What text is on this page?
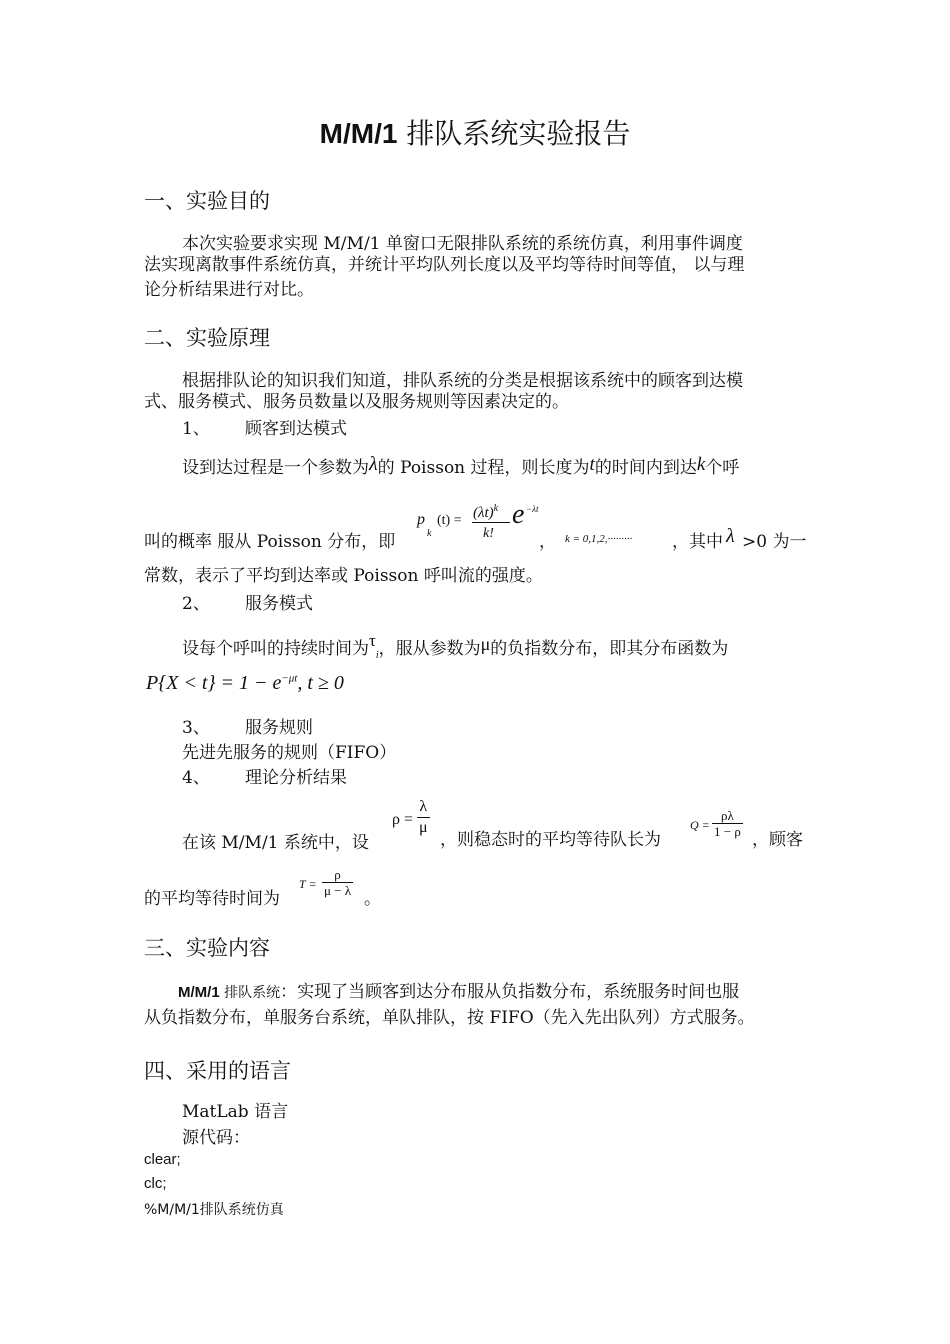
M/M/1 排队系统实验报告
一、实验目的
本次实验要求实现 M/M/1 单窗口无限排队系统的系统仿真，利用事件调度
法实现离散事件系统仿真，并统计平均队列长度以及平均等待时间等值， 以与理
论分析结果进行对比。
二、实验原理
根据排队论的知识我们知道，排队系统的分类是根据该系统中的顾客到达模
式、服务模式、服务员数量以及服务规则等因素决定的。
1、 顾客到达模式
设到达过程是一个参数为λ的 Poisson 过程，则长度为t的时间内到达k个呼
叫的概率 服从 Poisson 分布，即
p
k
$(t) = (\lambda t)^k$
k!
e −λt
， k = 0,1,2,········· ，其中 λ >0 为一
常数，表示了平均到达率或 Poisson 呼叫流的强度。
2、 服务模式
设每个呼叫的持续时间为$\tau_i$，服从参数为μ的负指数分布，即其分布函数为
$P\{X < t\} = 1 - e^{-\mu t}$, t ≥ 0
3、 服务规则
先进先服务的规则（FIFO）
4、 理论分析结果
在该 M/M/1 系统中，设
$\rho = \frac{\lambda}{\mu}$
，则稳态时的平均等待队长为
$Q = \frac{\rho\lambda}{1 - \rho}$
，顾客
的平均等待时间为
$T = \frac{\rho}{\mu - \lambda}$
。
三、实验内容
M/M/1 排队系统：实现了当顾客到达分布服从负指数分布，系统服务时间也服
从负指数分布，单服务台系统，单队排队，按 FIFO（先入先出队列）方式服务。
四、采用的语言
MatLab 语言
源代码：
clear;
clc;
%M/M/1排队系统仿真
